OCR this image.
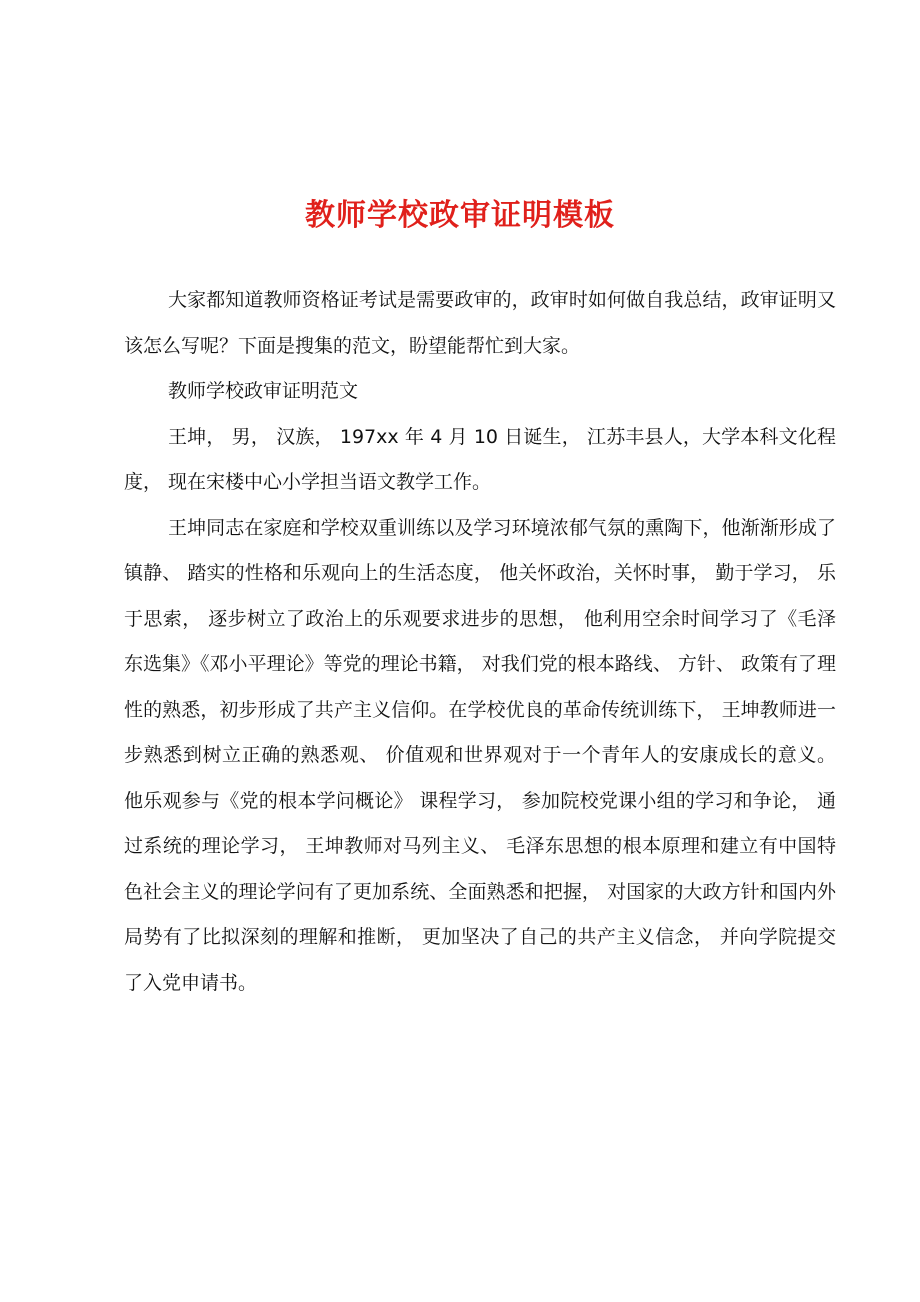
教师学校政审证明模板

大家都知道教师资格证考试是需要政审的，政审时如何做自我总结，政审证明又该怎么写呢？下面是搜集的范文，盼望能帮忙到大家。

教师学校政审证明范文

王坤， 男， 汉族， 197xx 年 4 月 10 日诞生， 江苏丰县人，大学本科文化程度， 现在宋楼中心小学担当语文教学工作。

王坤同志在家庭和学校双重训练以及学习环境浓郁气氛的熏陶下，他渐渐形成了镇静、 踏实的性格和乐观向上的生活态度， 他关怀政治，关怀时事， 勤于学习， 乐于思索， 逐步树立了政治上的乐观要求进步的思想， 他利用空余时间学习了《毛泽东选集》《邓小平理论》等党的理论书籍， 对我们党的根本路线、 方针、 政策有了理性的熟悉，初步形成了共产主义信仰。在学校优良的革命传统训练下， 王坤教师进一步熟悉到树立正确的熟悉观、 价值观和世界观对于一个青年人的安康成长的意义。 他乐观参与《党的根本学问概论》 课程学习， 参加院校党课小组的学习和争论， 通过系统的理论学习， 王坤教师对马列主义、 毛泽东思想的根本原理和建立有中国特色社会主义的理论学问有了更加系统、全面熟悉和把握， 对国家的大政方针和国内外局势有了比拟深刻的理解和推断， 更加坚决了自己的共产主义信念， 并向学院提交了入党申请书。
